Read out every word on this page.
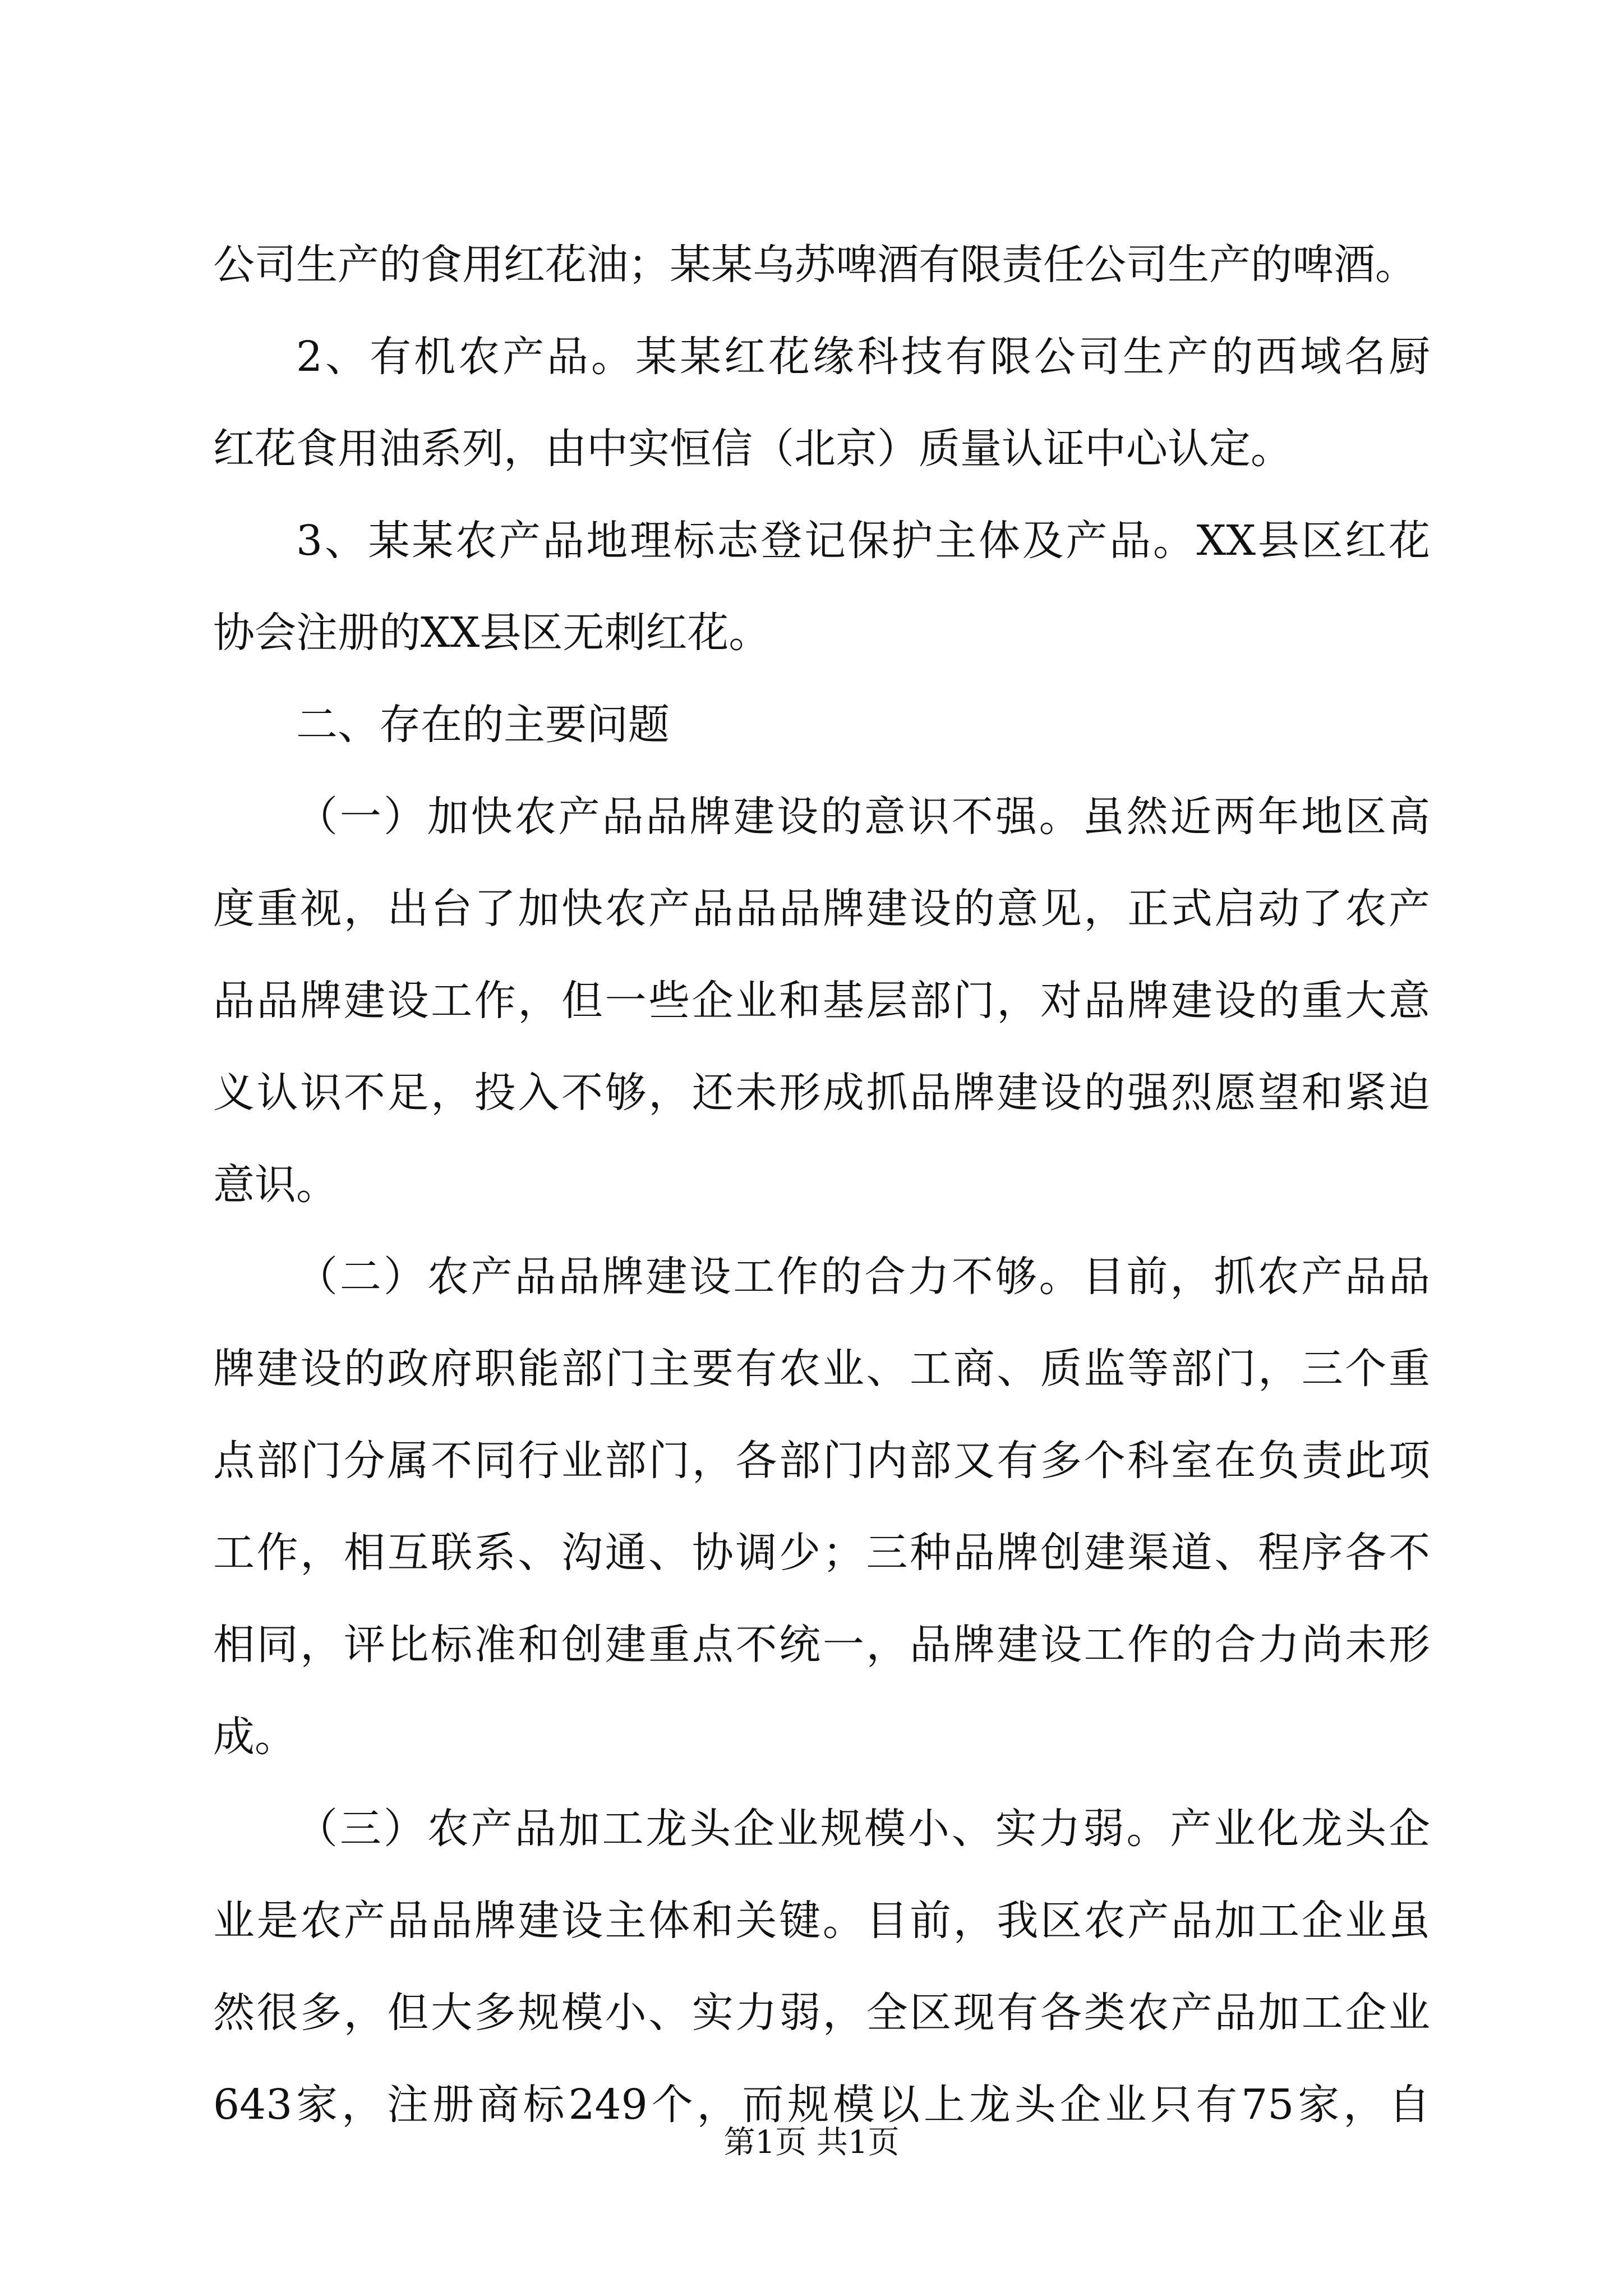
公司生产的食用红花油；某某乌苏啤酒有限责任公司生产的啤酒。
2、有机农产品。某某红花缘科技有限公司生产的西域名厨
红花食用油系列，由中实恒信（北京）质量认证中心认定。
3、某某农产品地理标志登记保护主体及产品。XX县区红花
协会注册的XX县区无刺红花。
二、存在的主要问题
（一）加快农产品品牌建设的意识不强。虽然近两年地区高
度重视，出台了加快农产品品品牌建设的意见，正式启动了农产
品品牌建设工作，但一些企业和基层部门，对品牌建设的重大意
义认识不足，投入不够，还未形成抓品牌建设的强烈愿望和紧迫
意识。
（二）农产品品牌建设工作的合力不够。目前，抓农产品品
牌建设的政府职能部门主要有农业、工商、质监等部门，三个重
点部门分属不同行业部门，各部门内部又有多个科室在负责此项
工作，相互联系、沟通、协调少；三种品牌创建渠道、程序各不
相同，评比标准和创建重点不统一，品牌建设工作的合力尚未形
成。
（三）农产品加工龙头企业规模小、实力弱。产业化龙头企
业是农产品品牌建设主体和关键。目前，我区农产品加工企业虽
然很多，但大多规模小、实力弱，全区现有各类农产品加工企业
643家，注册商标249个，而规模以上龙头企业只有75家，自
第1页 共1页
